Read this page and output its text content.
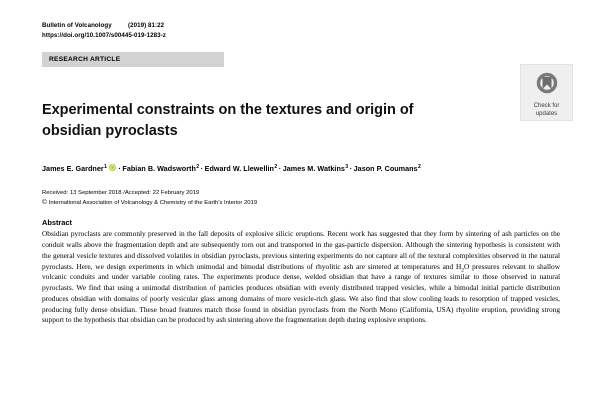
Bulletin of Volcanology	(2019) 81:22
https://doi.org/10.1007/s00445-019-1283-z
RESEARCH ARTICLE
Check for
updates
Experimental constraints on the textures and origin of obsidian pyroclasts
James E. Gardner$^1$ · Fabian B. Wadsworth$^2$ · Edward W. Llewellin$^2$ · James M. Watkins$^3$ · Jason P. Coumans$^2$
Received: 13 September 2018 /Accepted: 22 February 2019
© International Association of Volcanology & Chemistry of the Earth's Interior 2019
Abstract
Obsidian pyroclasts are commonly preserved in the fall deposits of explosive silicic eruptions. Recent work has suggested that they form by sintering of ash particles on the conduit walls above the fragmentation depth and are subsequently torn out and transported in the gas-particle dispersion. Although the sintering hypothesis is consistent with the general vesicle textures and dissolved volatiles in obsidian pyroclasts, previous sintering experiments do not capture all of the textural complexities observed in the natural pyroclasts. Here, we design experiments in which unimodal and bimodal distributions of rhyolitic ash are sintered at temperatures and $H_2O$ pressures relevant to shallow volcanic conduits and under variable cooling rates. The experiments produce dense, welded obsidian that have a range of textures similar to those observed in natural pyroclasts. We find that using a unimodal distribution of particles produces obsidian with evenly distributed trapped vesicles, while a bimodal initial particle distribution produces obsidian with domains of poorly vesicular glass among domains of more vesicle-rich glass. We also find that slow cooling leads to resorption of trapped vesicles, producing fully dense obsidian. These broad features match those found in obsidian pyroclasts from the North Mono (California, USA) rhyolite eruption, providing strong support to the hypothesis that obsidian can be produced by ash sintering above the fragmentation depth during explosive eruptions.
